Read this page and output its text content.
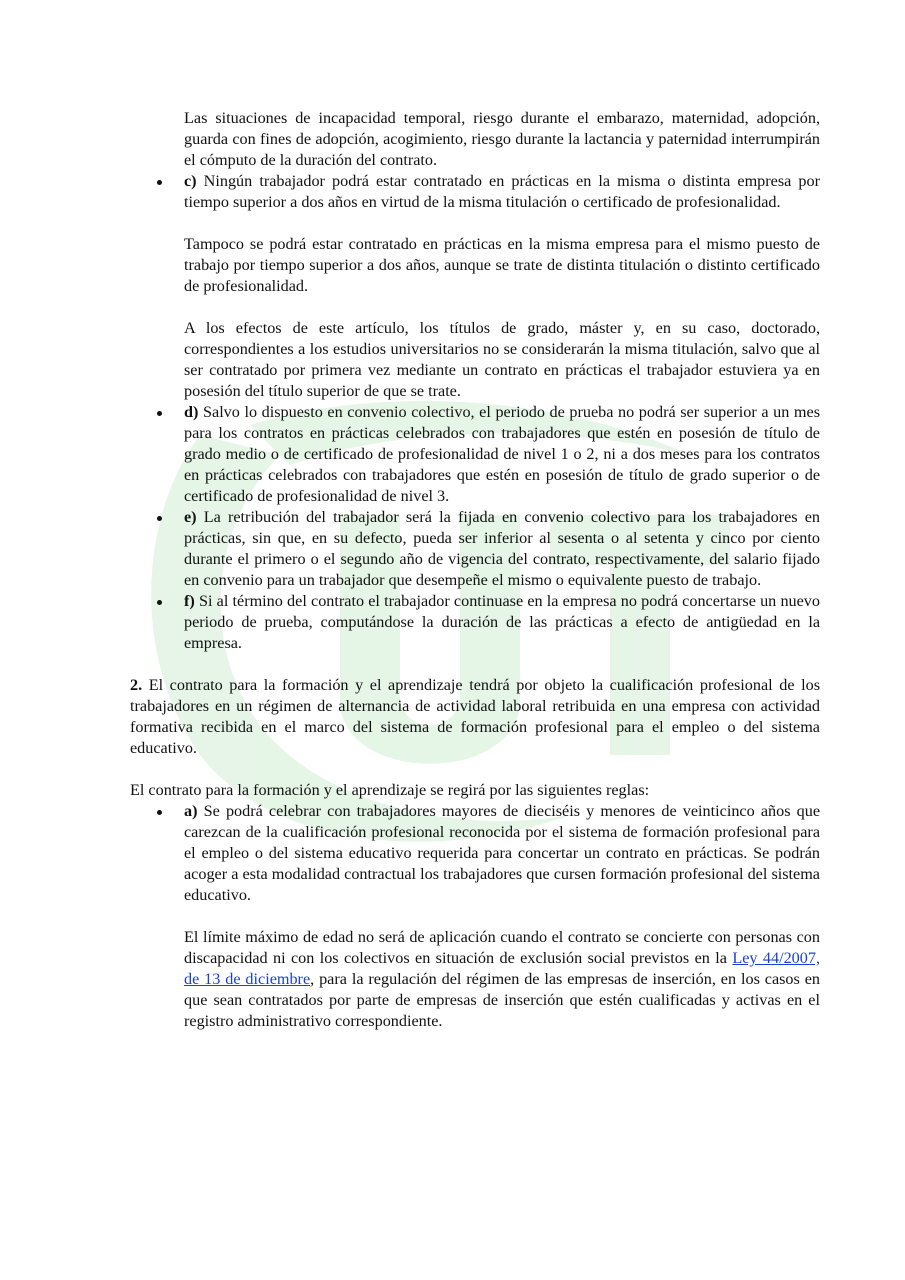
Las situaciones de incapacidad temporal, riesgo durante el embarazo, maternidad, adopción, guarda con fines de adopción, acogimiento, riesgo durante la lactancia y paternidad interrumpirán el cómputo de la duración del contrato.

c) Ningún trabajador podrá estar contratado en prácticas en la misma o distinta empresa por tiempo superior a dos años en virtud de la misma titulación o certificado de profesionalidad.

Tampoco se podrá estar contratado en prácticas en la misma empresa para el mismo puesto de trabajo por tiempo superior a dos años, aunque se trate de distinta titulación o distinto certificado de profesionalidad.

A los efectos de este artículo, los títulos de grado, máster y, en su caso, doctorado, correspondientes a los estudios universitarios no se considerarán la misma titulación, salvo que al ser contratado por primera vez mediante un contrato en prácticas el trabajador estuviera ya en posesión del título superior de que se trate.

d) Salvo lo dispuesto en convenio colectivo, el periodo de prueba no podrá ser superior a un mes para los contratos en prácticas celebrados con trabajadores que estén en posesión de título de grado medio o de certificado de profesionalidad de nivel 1 o 2, ni a dos meses para los contratos en prácticas celebrados con trabajadores que estén en posesión de título de grado superior o de certificado de profesionalidad de nivel 3.
e) La retribución del trabajador será la fijada en convenio colectivo para los trabajadores en prácticas, sin que, en su defecto, pueda ser inferior al sesenta o al setenta y cinco por ciento durante el primero o el segundo año de vigencia del contrato, respectivamente, del salario fijado en convenio para un trabajador que desempeñe el mismo o equivalente puesto de trabajo.
f) Si al término del contrato el trabajador continuase en la empresa no podrá concertarse un nuevo periodo de prueba, computándose la duración de las prácticas a efecto de antigüedad en la empresa.

2. El contrato para la formación y el aprendizaje tendrá por objeto la cualificación profesional de los trabajadores en un régimen de alternancia de actividad laboral retribuida en una empresa con actividad formativa recibida en el marco del sistema de formación profesional para el empleo o del sistema educativo.

El contrato para la formación y el aprendizaje se regirá por las siguientes reglas:

a) Se podrá celebrar con trabajadores mayores de dieciséis y menores de veinticinco años que carezcan de la cualificación profesional reconocida por el sistema de formación profesional para el empleo o del sistema educativo requerida para concertar un contrato en prácticas. Se podrán acoger a esta modalidad contractual los trabajadores que cursen formación profesional del sistema educativo.

El límite máximo de edad no será de aplicación cuando el contrato se concierte con personas con discapacidad ni con los colectivos en situación de exclusión social previstos en la Ley 44/2007, de 13 de diciembre, para la regulación del régimen de las empresas de inserción, en los casos en que sean contratados por parte de empresas de inserción que estén cualificadas y activas en el registro administrativo correspondiente.
